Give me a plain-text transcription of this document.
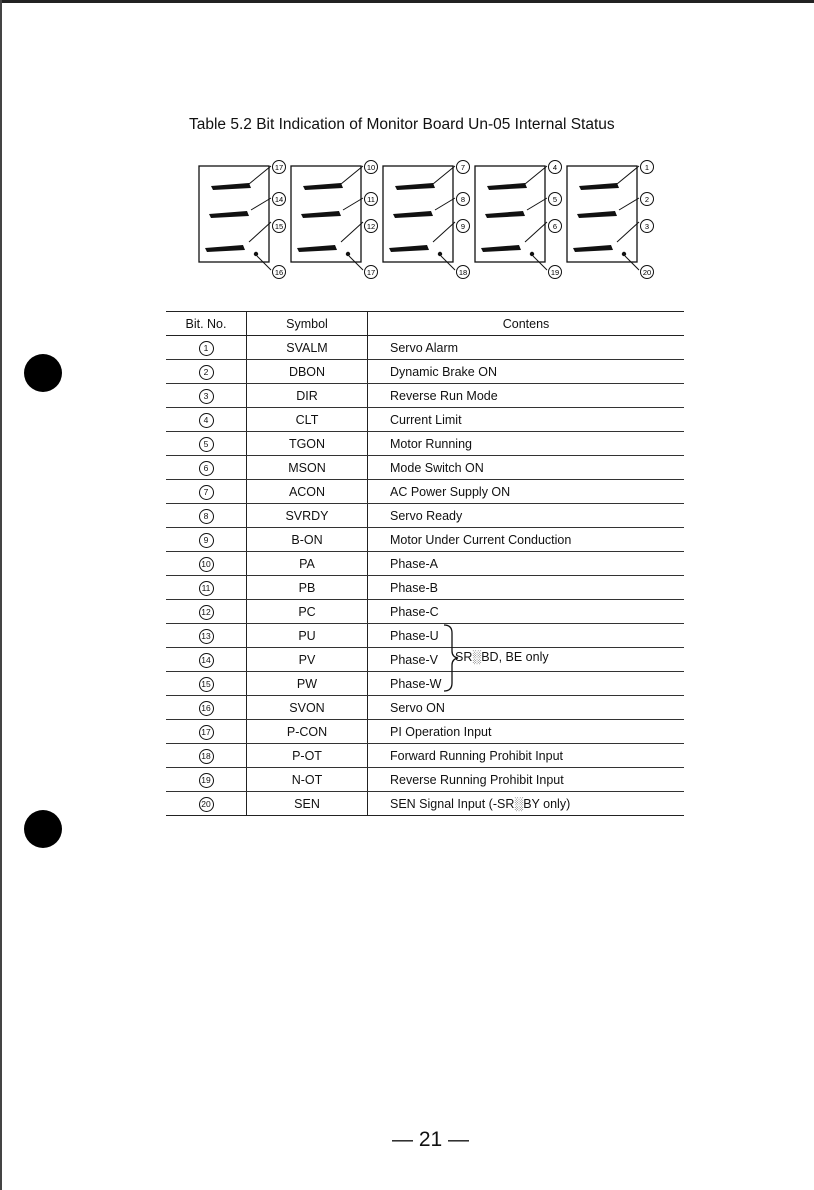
Table 5.2 Bit Indication of Monitor Board Un-05 Internal Status
17
14
15
16
10
11
12
17
7
8
9
18
4
5
6
19
1
2
3
20
Bit. No.	Symbol	Contens
1	SVALM	Servo Alarm
2	DBON	Dynamic Brake ON
3	DIR	Reverse Run Mode
4	CLT	Current Limit
5	TGON	Motor Running
6	MSON	Mode Switch ON
7	ACON	AC Power Supply ON
8	SVRDY	Servo Ready
9	B-ON	Motor Under Current Conduction
10	PA	Phase-A
11	PB	Phase-B
12	PC	Phase-C
13	PU	Phase-U
14	PV	Phase-V
15	PW	Phase-W
16	SVON	Servo ON
17	P-CON	PI Operation Input
18	P-OT	Forward Running Prohibit Input
19	N-OT	Reverse Running Prohibit Input
20	SEN	SEN Signal Input (-SR░BY only)
SR░BD, BE only
— 21 —
